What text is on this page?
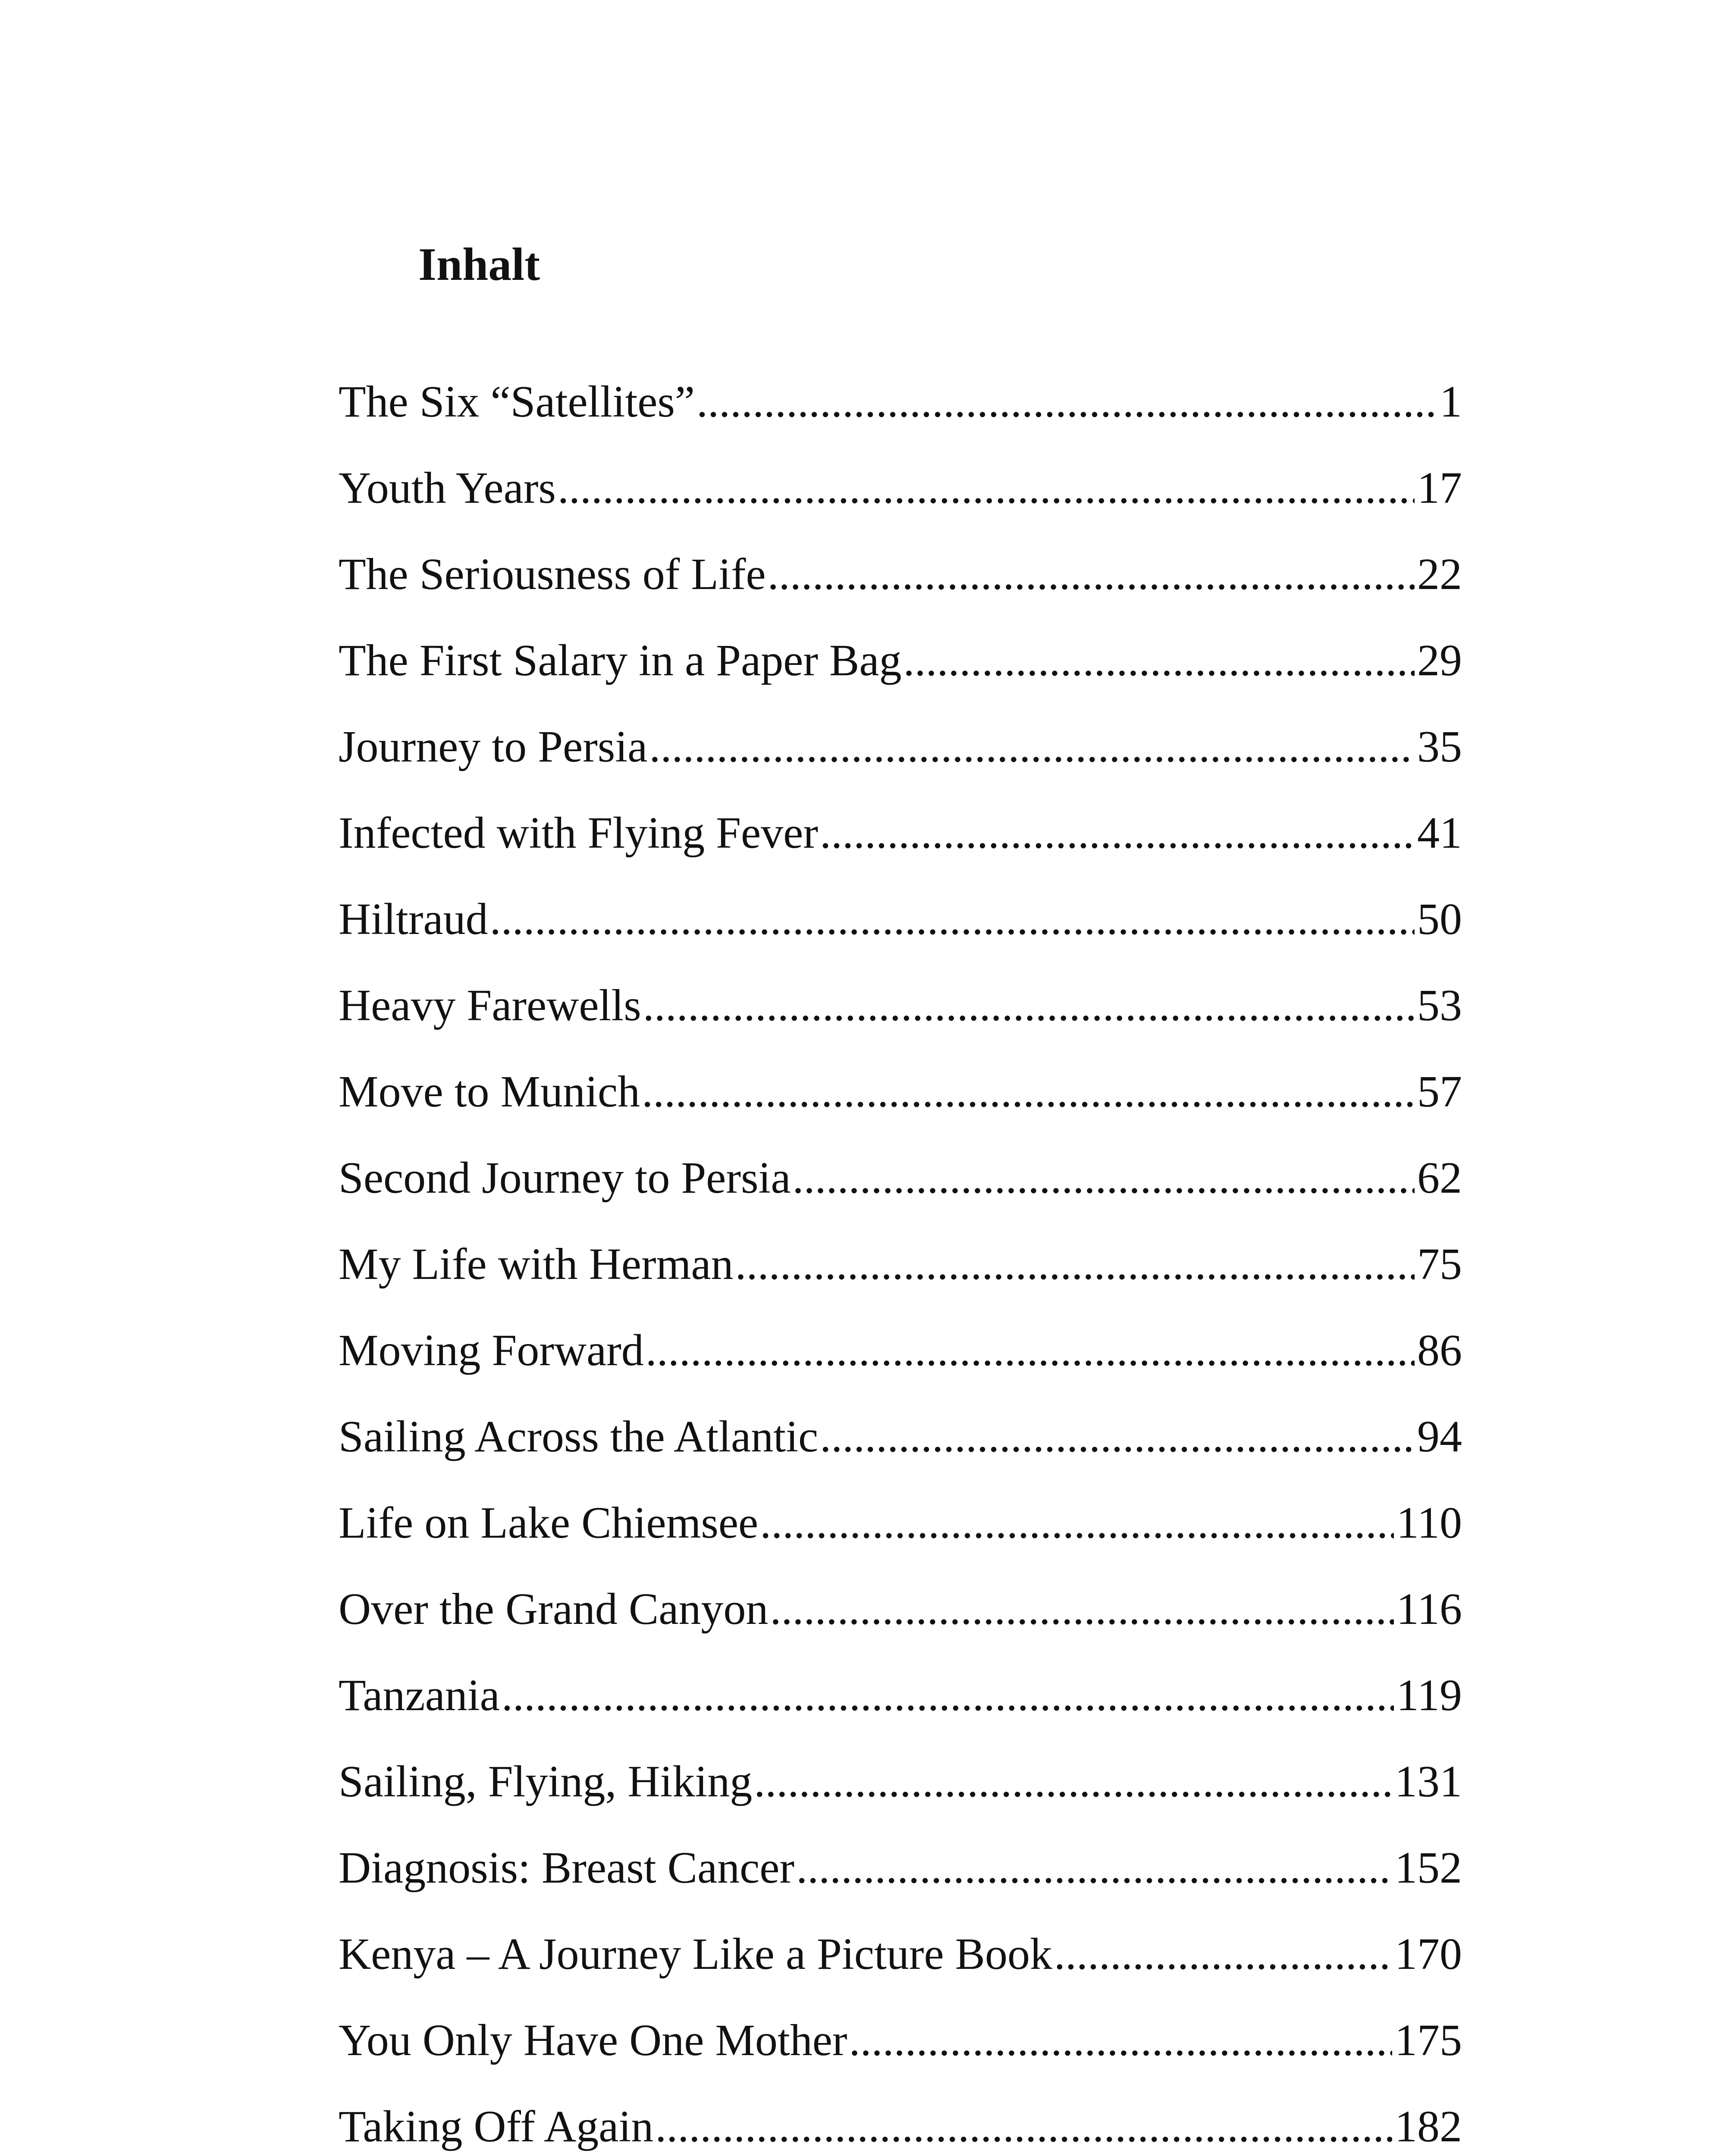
Inhalt
The Six “Satellites” .....	1
Youth Years .....	17
The Seriousness of Life .....	22
The First Salary in a Paper Bag .....	29
Journey to Persia .....	35
Infected with Flying Fever .....	41
Hiltraud .....	50
Heavy Farewells .....	53
Move to Munich .....	57
Second Journey to Persia .....	62
My Life with Herman .....	75
Moving Forward .....	86
Sailing Across the Atlantic .....	94
Life on Lake Chiemsee .....	110
Over the Grand Canyon .....	116
Tanzania .....	119
Sailing, Flying, Hiking .....	131
Diagnosis: Breast Cancer .....	152
Kenya – A Journey Like a Picture Book .....	170
You Only Have One Mother .....	175
Taking Off Again .....	182
